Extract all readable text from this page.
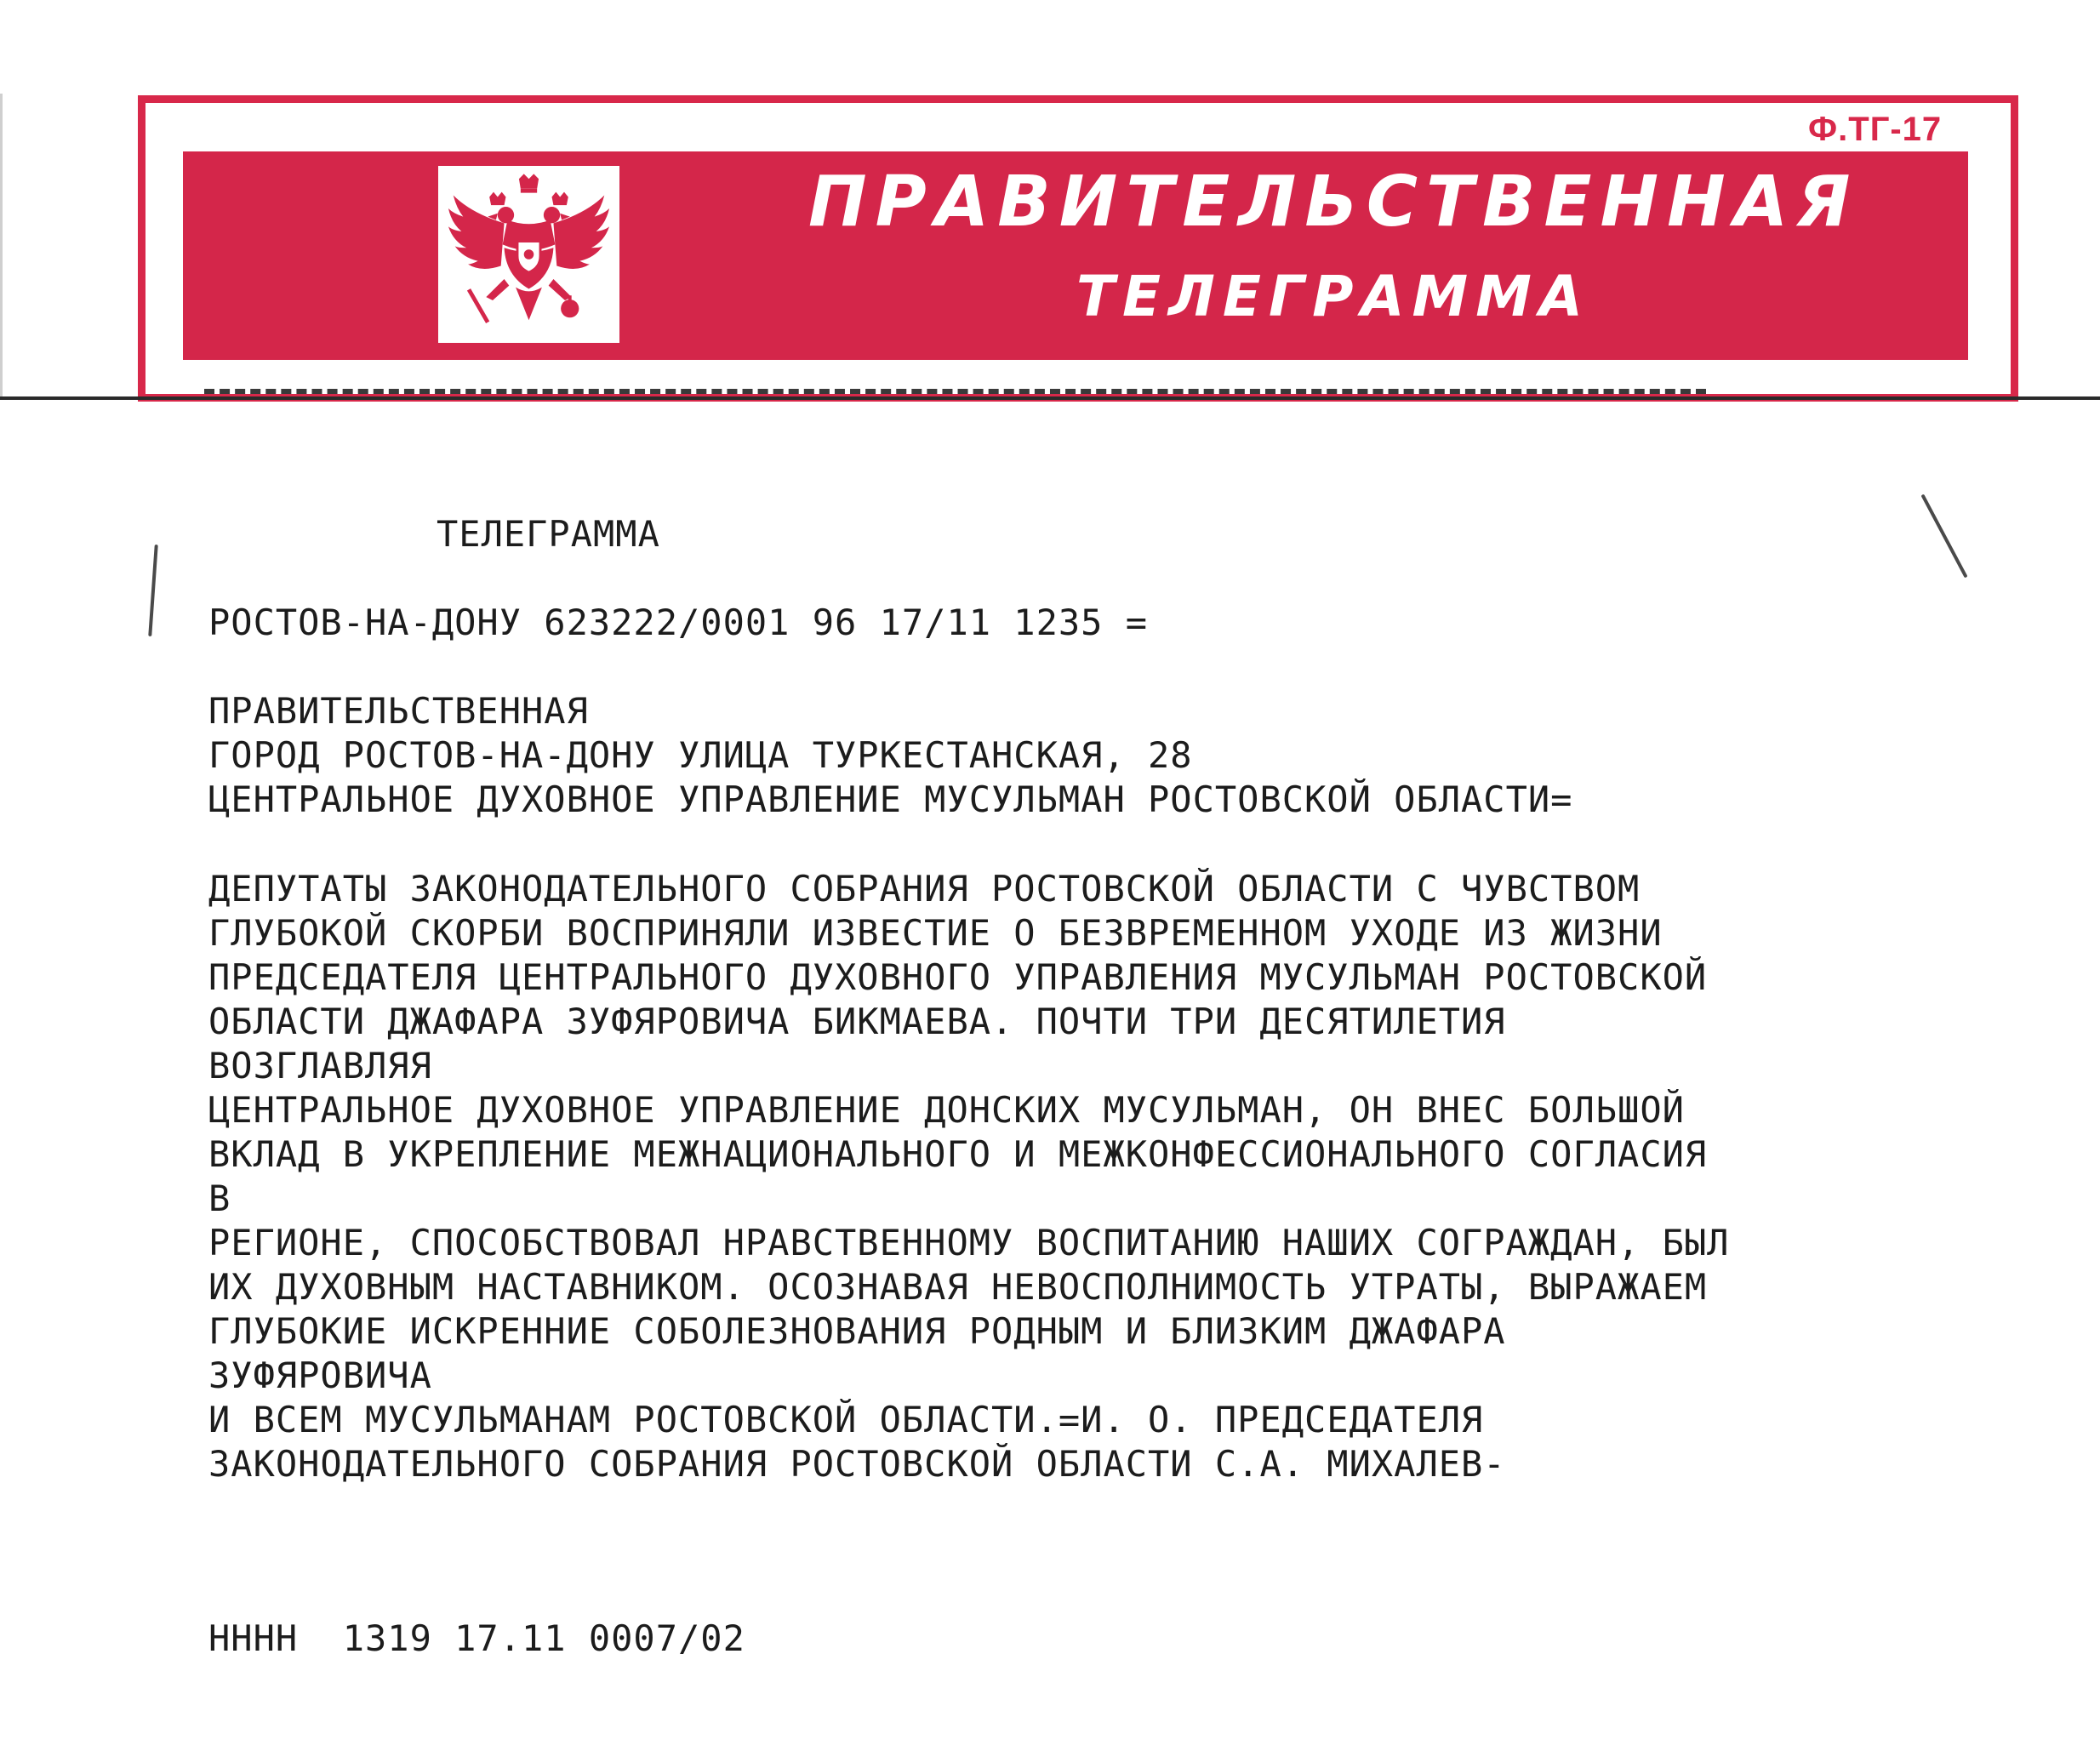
Ф.ТГ-17
ПРАВИТЕЛЬСТВЕННАЯ
ТЕЛЕГРАММА
ТЕЛЕГРАММА
РОСТОВ-НА-ДОНУ 623222/0001 96 17/11 1235 =
ПРАВИТЕЛЬСТВЕННАЯ
ГОРОД РОСТОВ-НА-ДОНУ УЛИЦА ТУРКЕСТАНСКАЯ, 28
ЦЕНТРАЛЬНОЕ ДУХОВНОЕ УПРАВЛЕНИЕ МУСУЛЬМАН РОСТОВСКОЙ ОБЛАСТИ=
ДЕПУТАТЫ ЗАКОНОДАТЕЛЬНОГО СОБРАНИЯ РОСТОВСКОЙ ОБЛАСТИ С ЧУВСТВОМ
ГЛУБОКОЙ СКОРБИ ВОСПРИНЯЛИ ИЗВЕСТИЕ О БЕЗВРЕМЕННОМ УХОДЕ ИЗ ЖИЗНИ
ПРЕДСЕДАТЕЛЯ ЦЕНТРАЛЬНОГО ДУХОВНОГО УПРАВЛЕНИЯ МУСУЛЬМАН РОСТОВСКОЙ
ОБЛАСТИ ДЖАФАРА ЗУФЯРОВИЧА БИКМАЕВА. ПОЧТИ ТРИ ДЕСЯТИЛЕТИЯ
ВОЗГЛАВЛЯЯ
ЦЕНТРАЛЬНОЕ ДУХОВНОЕ УПРАВЛЕНИЕ ДОНСКИХ МУСУЛЬМАН, ОН ВНЕС БОЛЬШОЙ
ВКЛАД В УКРЕПЛЕНИЕ МЕЖНАЦИОНАЛЬНОГО И МЕЖКОНФЕССИОНАЛЬНОГО СОГЛАСИЯ
В
РЕГИОНЕ, СПОСОБСТВОВАЛ НРАВСТВЕННОМУ ВОСПИТАНИЮ НАШИХ СОГРАЖДАН, БЫЛ
ИХ ДУХОВНЫМ НАСТАВНИКОМ. ОСОЗНАВАЯ НЕВОСПОЛНИМОСТЬ УТРАТЫ, ВЫРАЖАЕМ
ГЛУБОКИЕ ИСКРЕННИЕ СОБОЛЕЗНОВАНИЯ РОДНЫМ И БЛИЗКИМ ДЖАФАРА
ЗУФЯРОВИЧА
И ВСЕМ МУСУЛЬМАНАМ РОСТОВСКОЙ ОБЛАСТИ.=И. О. ПРЕДСЕДАТЕЛЯ
ЗАКОНОДАТЕЛЬНОГО СОБРАНИЯ РОСТОВСКОЙ ОБЛАСТИ С.А. МИХАЛЕВ-
НННН  1319 17.11 0007/02
